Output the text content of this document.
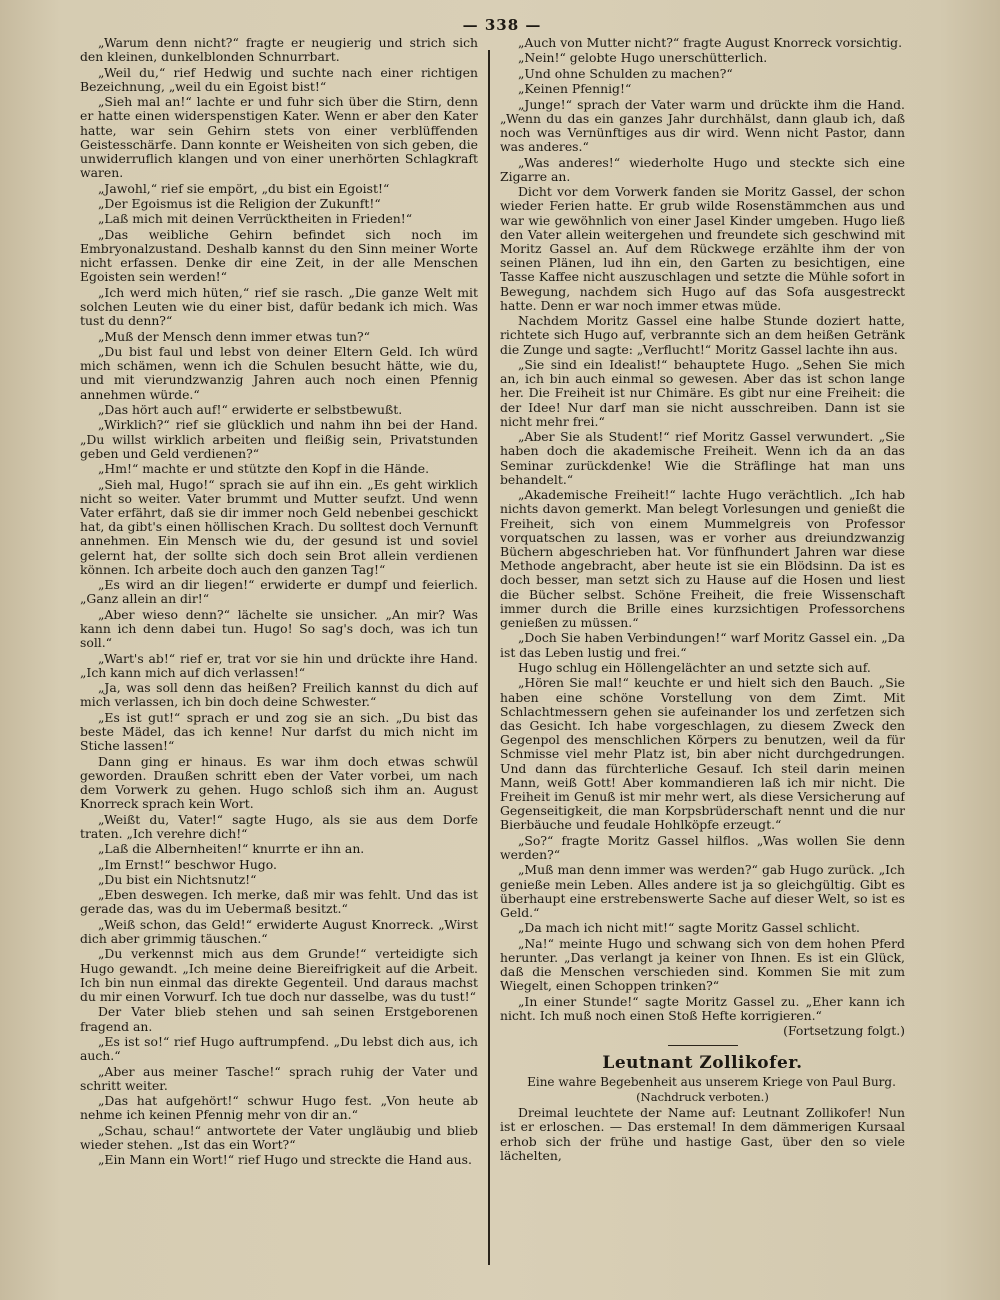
— 338 —

„Warum denn nicht?“ fragte er neugierig und strich sich den kleinen, dunkelblonden Schnurrbart.

„Weil du,“ rief Hedwig und suchte nach einer richtigen Bezeichnung, „weil du ein Egoist bist!“

„Sieh mal an!“ lachte er und fuhr sich über die Stirn, denn er hatte einen widerspenstigen Kater. Wenn er aber den Kater hatte, war sein Gehirn stets von einer verblüffenden Geistesschärfe. Dann konnte er Weisheiten von sich geben, die unwiderruflich klangen und von einer unerhörten Schlagkraft waren.

„Jawohl,“ rief sie empört, „du bist ein Egoist!“

„Der Egoismus ist die Religion der Zukunft!“

„Laß mich mit deinen Verrücktheiten in Frieden!“

„Das weibliche Gehirn befindet sich noch im Embryonalzustand. Deshalb kannst du den Sinn meiner Worte nicht erfassen. Denke dir eine Zeit, in der alle Menschen Egoisten sein werden!“

„Ich werd mich hüten,“ rief sie rasch. „Die ganze Welt mit solchen Leuten wie du einer bist, dafür bedank ich mich. Was tust du denn?“

„Muß der Mensch denn immer etwas tun?“

„Du bist faul und lebst von deiner Eltern Geld. Ich würd mich schämen, wenn ich die Schulen besucht hätte, wie du, und mit vierundzwanzig Jahren auch noch einen Pfennig annehmen würde.“

„Das hört auch auf!“ erwiderte er selbstbewußt.

„Wirklich?“ rief sie glücklich und nahm ihn bei der Hand. „Du willst wirklich arbeiten und fleißig sein, Privatstunden geben und Geld verdienen?“

„Hm!“ machte er und stützte den Kopf in die Hände.

„Sieh mal, Hugo!“ sprach sie auf ihn ein. „Es geht wirklich nicht so weiter. Vater brummt und Mutter seufzt. Und wenn Vater erfährt, daß sie dir immer noch Geld nebenbei geschickt hat, da gibt's einen höllischen Krach. Du solltest doch Vernunft annehmen. Ein Mensch wie du, der gesund ist und soviel gelernt hat, der sollte sich doch sein Brot allein verdienen können. Ich arbeite doch auch den ganzen Tag!“

„Es wird an dir liegen!“ erwiderte er dumpf und feierlich. „Ganz allein an dir!“

„Aber wieso denn?“ lächelte sie unsicher. „An mir? Was kann ich denn dabei tun. Hugo! So sag's doch, was ich tun soll.“

„Wart's ab!“ rief er, trat vor sie hin und drückte ihre Hand. „Ich kann mich auf dich verlassen!“

„Ja, was soll denn das heißen? Freilich kannst du dich auf mich verlassen, ich bin doch deine Schwester.“

„Es ist gut!“ sprach er und zog sie an sich. „Du bist das beste Mädel, das ich kenne! Nur darfst du mich nicht im Stiche lassen!“

Dann ging er hinaus. Es war ihm doch etwas schwül geworden. Draußen schritt eben der Vater vorbei, um nach dem Vorwerk zu gehen. Hugo schloß sich ihm an. August Knorreck sprach kein Wort.

„Weißt du, Vater!“ sagte Hugo, als sie aus dem Dorfe traten. „Ich verehre dich!“

„Laß die Albernheiten!“ knurrte er ihn an.

„Im Ernst!“ beschwor Hugo.

„Du bist ein Nichtsnutz!“

„Eben deswegen. Ich merke, daß mir was fehlt. Und das ist gerade das, was du im Uebermaß besitzt.“

„Weiß schon, das Geld!“ erwiderte August Knorreck. „Wirst dich aber grimmig täuschen.“

„Du verkennst mich aus dem Grunde!“ verteidigte sich Hugo gewandt. „Ich meine deine Biereifrigkeit auf die Arbeit. Ich bin nun einmal das direkte Gegenteil. Und daraus machst du mir einen Vorwurf. Ich tue doch nur dasselbe, was du tust!“

Der Vater blieb stehen und sah seinen Erstgeborenen fragend an.

„Es ist so!“ rief Hugo auftrumpfend. „Du lebst dich aus, ich auch.“

„Aber aus meiner Tasche!“ sprach ruhig der Vater und schritt weiter.

„Das hat aufgehört!“ schwur Hugo fest. „Von heute ab nehme ich keinen Pfennig mehr von dir an.“

„Schau, schau!“ antwortete der Vater ungläubig und blieb wieder stehen. „Ist das ein Wort?“

„Ein Mann ein Wort!“ rief Hugo und streckte die Hand aus.

„Auch von Mutter nicht?“ fragte August Knorreck vorsichtig.

„Nein!“ gelobte Hugo unerschütterlich.

„Und ohne Schulden zu machen?“

„Keinen Pfennig!“

„Junge!“ sprach der Vater warm und drückte ihm die Hand. „Wenn du das ein ganzes Jahr durchhälst, dann glaub ich, daß noch was Vernünftiges aus dir wird. Wenn nicht Pastor, dann was anderes.“

„Was anderes!“ wiederholte Hugo und steckte sich eine Zigarre an.

Dicht vor dem Vorwerk fanden sie Moritz Gassel, der schon wieder Ferien hatte. Er grub wilde Rosenstämmchen aus und war wie gewöhnlich von einer Jasel Kinder umgeben. Hugo ließ den Vater allein weitergehen und freundete sich geschwind mit Moritz Gassel an. Auf dem Rückwege erzählte ihm der von seinen Plänen, lud ihn ein, den Garten zu besichtigen, eine Tasse Kaffee nicht auszuschlagen und setzte die Mühle sofort in Bewegung, nachdem sich Hugo auf das Sofa ausgestreckt hatte. Denn er war noch immer etwas müde.

Nachdem Moritz Gassel eine halbe Stunde doziert hatte, richtete sich Hugo auf, verbrannte sich an dem heißen Getränk die Zunge und sagte: „Verflucht!“ Moritz Gassel lachte ihn aus.

„Sie sind ein Idealist!“ behauptete Hugo. „Sehen Sie mich an, ich bin auch einmal so gewesen. Aber das ist schon lange her. Die Freiheit ist nur Chimäre. Es gibt nur eine Freiheit: die der Idee! Nur darf man sie nicht ausschreiben. Dann ist sie nicht mehr frei.“

„Aber Sie als Student!“ rief Moritz Gassel verwundert. „Sie haben doch die akademische Freiheit. Wenn ich da an das Seminar zurückdenke! Wie die Sträflinge hat man uns behandelt.“

„Akademische Freiheit!“ lachte Hugo verächtlich. „Ich hab nichts davon gemerkt. Man belegt Vorlesungen und genießt die Freiheit, sich von einem Mummelgreis von Professor vorquatschen zu lassen, was er vorher aus dreiundzwanzig Büchern abgeschrieben hat. Vor fünfhundert Jahren war diese Methode angebracht, aber heute ist sie ein Blödsinn. Da ist es doch besser, man setzt sich zu Hause auf die Hosen und liest die Bücher selbst. Schöne Freiheit, die freie Wissenschaft immer durch die Brille eines kurzsichtigen Professorchens genießen zu müssen.“

„Doch Sie haben Verbindungen!“ warf Moritz Gassel ein. „Da ist das Leben lustig und frei.“

Hugo schlug ein Höllengelächter an und setzte sich auf.

„Hören Sie mal!“ keuchte er und hielt sich den Bauch. „Sie haben eine schöne Vorstellung von dem Zimt. Mit Schlachtmessern gehen sie aufeinander los und zerfetzen sich das Gesicht. Ich habe vorgeschlagen, zu diesem Zweck den Gegenpol des menschlichen Körpers zu benutzen, weil da für Schmisse viel mehr Platz ist, bin aber nicht durchgedrungen. Und dann das fürchterliche Gesauf. Ich steil darin meinen Mann, weiß Gott! Aber kommandieren laß ich mir nicht. Die Freiheit im Genuß ist mir mehr wert, als diese Versicherung auf Gegenseitigkeit, die man Korpsbrüderschaft nennt und die nur Bierbäuche und feudale Hohlköpfe erzeugt.“

„So?“ fragte Moritz Gassel hilflos. „Was wollen Sie denn werden?“

„Muß man denn immer was werden?“ gab Hugo zurück. „Ich genieße mein Leben. Alles andere ist ja so gleichgültig. Gibt es überhaupt eine erstrebenswerte Sache auf dieser Welt, so ist es Geld.“

„Da mach ich nicht mit!“ sagte Moritz Gassel schlicht.

„Na!“ meinte Hugo und schwang sich von dem hohen Pferd herunter. „Das verlangt ja keiner von Ihnen. Es ist ein Glück, daß die Menschen verschieden sind. Kommen Sie mit zum Wiegelt, einen Schoppen trinken?“

„In einer Stunde!“ sagte Moritz Gassel zu. „Eher kann ich nicht. Ich muß noch einen Stoß Hefte korrigieren.“

(Fortsetzung folgt.)

Leutnant Zollikofer.

Eine wahre Begebenheit aus unserem Kriege von Paul Burg.

(Nachdruck verboten.)

Dreimal leuchtete der Name auf: Leutnant Zollikofer! Nun ist er erloschen. — Das erstemal! In dem dämmerigen Kursaal erhob sich der frühe und hastige Gast, über den so viele lächelten,
